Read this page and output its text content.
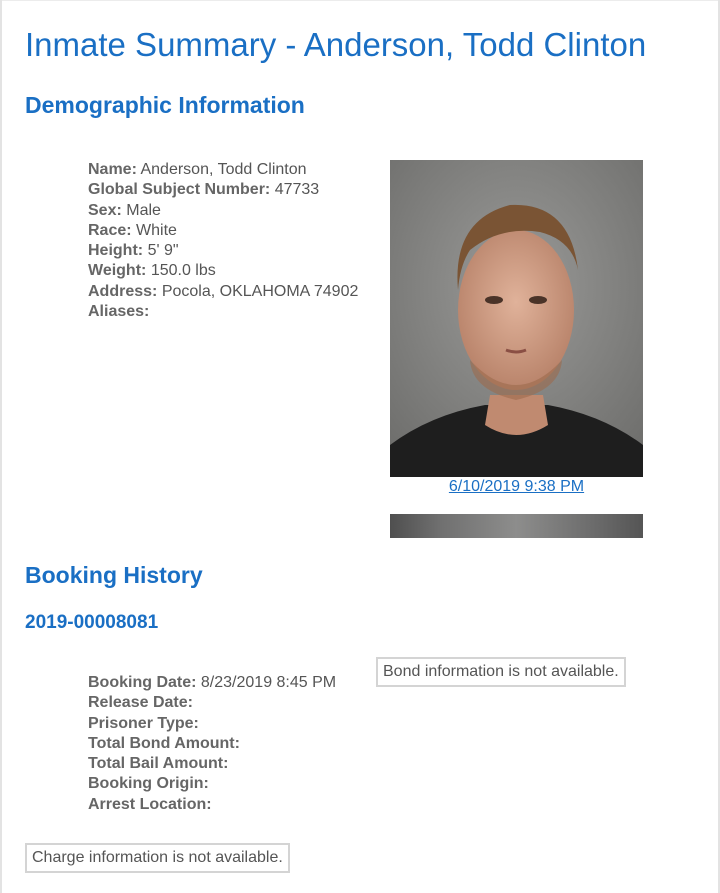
Inmate Summary - Anderson, Todd Clinton
Demographic Information
Name: Anderson, Todd Clinton
Global Subject Number: 47733
Sex: Male
Race: White
Height: 5' 9"
Weight: 150.0 lbs
Address: Pocola, OKLAHOMA 74902
Aliases:
6/10/2019 9:38 PM
Booking History
2019-00008081
Bond information is not available.
Booking Date: 8/23/2019 8:45 PM
Release Date:
Prisoner Type:
Total Bond Amount:
Total Bail Amount:
Booking Origin:
Arrest Location:
Charge information is not available.
